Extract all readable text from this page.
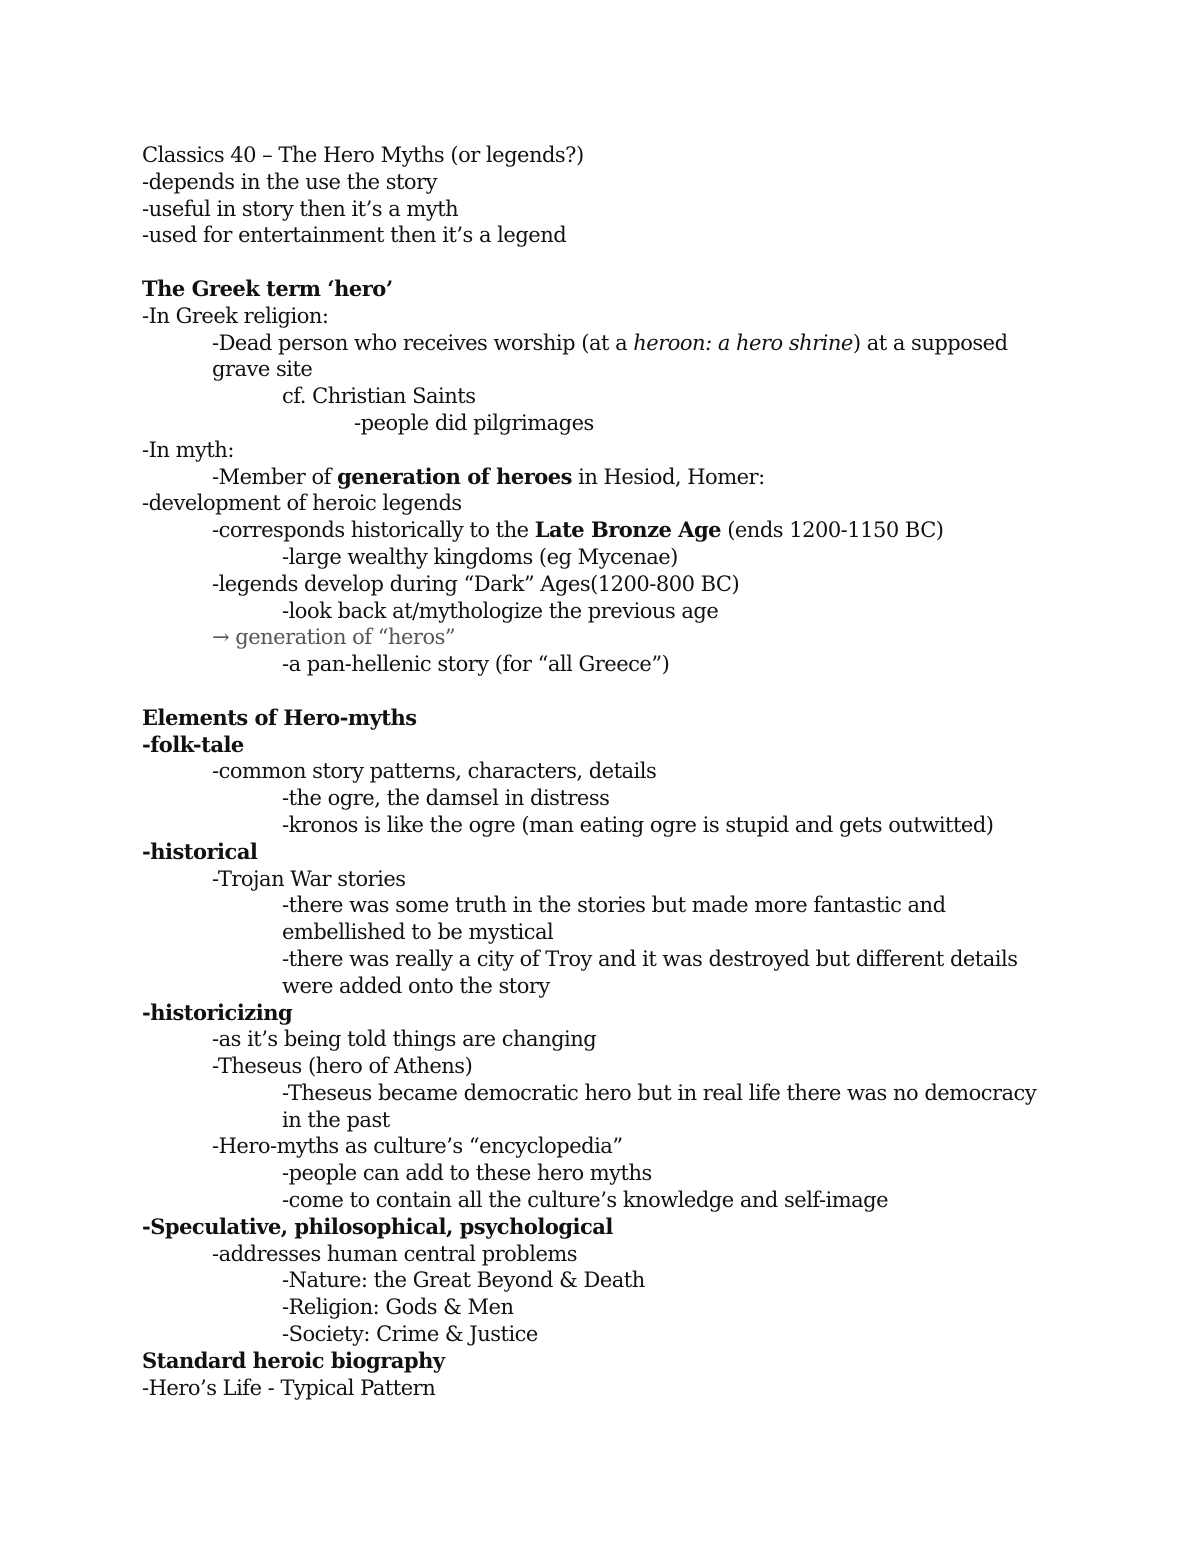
Classics 40 – The Hero Myths (or legends?)
-depends in the use the story
-useful in story then it’s a myth
-used for entertainment then it’s a legend
The Greek term ‘hero’
-In Greek religion:
-Dead person who receives worship (at a heroon: a hero shrine) at a supposed
grave site
cf. Christian Saints
-people did pilgrimages
-In myth:
-Member of generation of heroes in Hesiod, Homer:
-development of heroic legends
-corresponds historically to the Late Bronze Age (ends 1200-1150 BC)
-large wealthy kingdoms (eg Mycenae)
-legends develop during “Dark” Ages(1200-800 BC)
-look back at/mythologize the previous age
→ generation of “heros”
-a pan-hellenic story (for “all Greece”)
Elements of Hero-myths
-folk-tale
-common story patterns, characters, details
-the ogre, the damsel in distress
-kronos is like the ogre (man eating ogre is stupid and gets outwitted)
-historical
-Trojan War stories
-there was some truth in the stories but made more fantastic and
embellished to be mystical
-there was really a city of Troy and it was destroyed but different details
were added onto the story
-historicizing
-as it’s being told things are changing
-Theseus (hero of Athens)
-Theseus became democratic hero but in real life there was no democracy
in the past
-Hero-myths as culture’s “encyclopedia”
-people can add to these hero myths
-come to contain all the culture’s knowledge and self-image
-Speculative, philosophical, psychological
-addresses human central problems
-Nature: the Great Beyond & Death
-Religion: Gods & Men
-Society: Crime & Justice
Standard heroic biography
-Hero’s Life - Typical Pattern
